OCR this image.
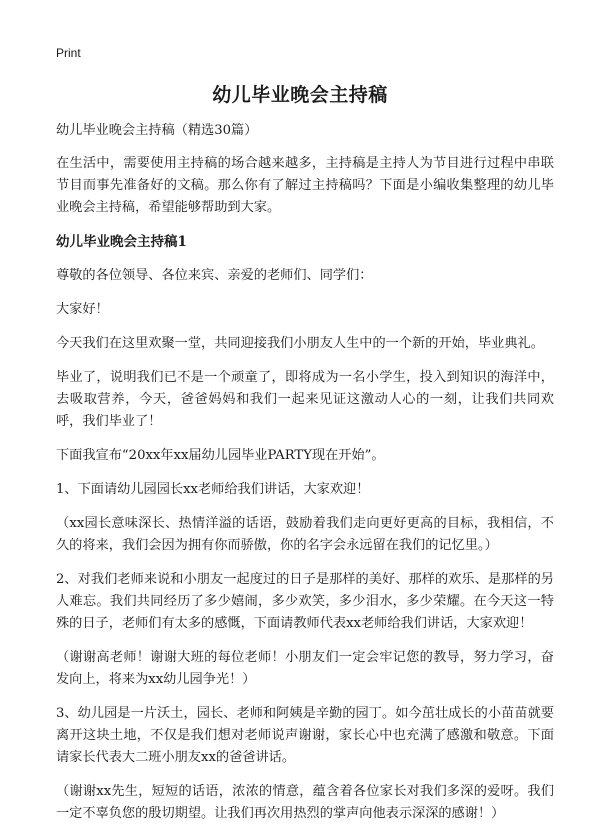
Print
幼儿毕业晚会主持稿

幼儿毕业晚会主持稿（精选30篇）

在生活中，需要使用主持稿的场合越来越多，主持稿是主持人为节目进行过程中串联节目而事先准备好的文稿。那么你有了解过主持稿吗？下面是小编收集整理的幼儿毕业晚会主持稿，希望能够帮助到大家。

幼儿毕业晚会主持稿1

尊敬的各位领导、各位来宾、亲爱的老师们、同学们：

大家好！

今天我们在这里欢聚一堂，共同迎接我们小朋友人生中的一个新的开始，毕业典礼。

毕业了，说明我们已不是一个顽童了，即将成为一名小学生，投入到知识的海洋中，去吸取营养，今天，爸爸妈妈和我们一起来见证这激动人心的一刻，让我们共同欢呼，我们毕业了！

下面我宣布“20xx年xx届幼儿园毕业PARTY现在开始”。

1、下面请幼儿园园长xx老师给我们讲话，大家欢迎！

（xx园长意味深长、热情洋溢的话语，鼓励着我们走向更好更高的目标，我相信，不久的将来，我们会因为拥有你而骄傲，你的名字会永远留在我们的记忆里。）

2、对我们老师来说和小朋友一起度过的日子是那样的美好、那样的欢乐、是那样的另人难忘。我们共同经历了多少嬉闹，多少欢笑，多少泪水，多少荣耀。在今天这一特殊的日子，老师们有太多的感慨，下面请教师代表xx老师给我们讲话，大家欢迎！

（谢谢高老师！谢谢大班的每位老师！小朋友们一定会牢记您的教导，努力学习，奋发向上，将来为xx幼儿园争光！）

3、幼儿园是一片沃土，园长、老师和阿姨是辛勤的园丁。如今茁壮成长的小苗苗就要离开这块土地，不仅是我们想对老师说声谢谢，家长心中也充满了感激和敬意。下面请家长代表大二班小朋友xx的爸爸讲话。

（谢谢xx先生，短短的话语，浓浓的情意，蕴含着各位家长对我们多深的爱呀。我们一定不辜负您的殷切期望。让我们再次用热烈的掌声向他表示深深的感谢！）
